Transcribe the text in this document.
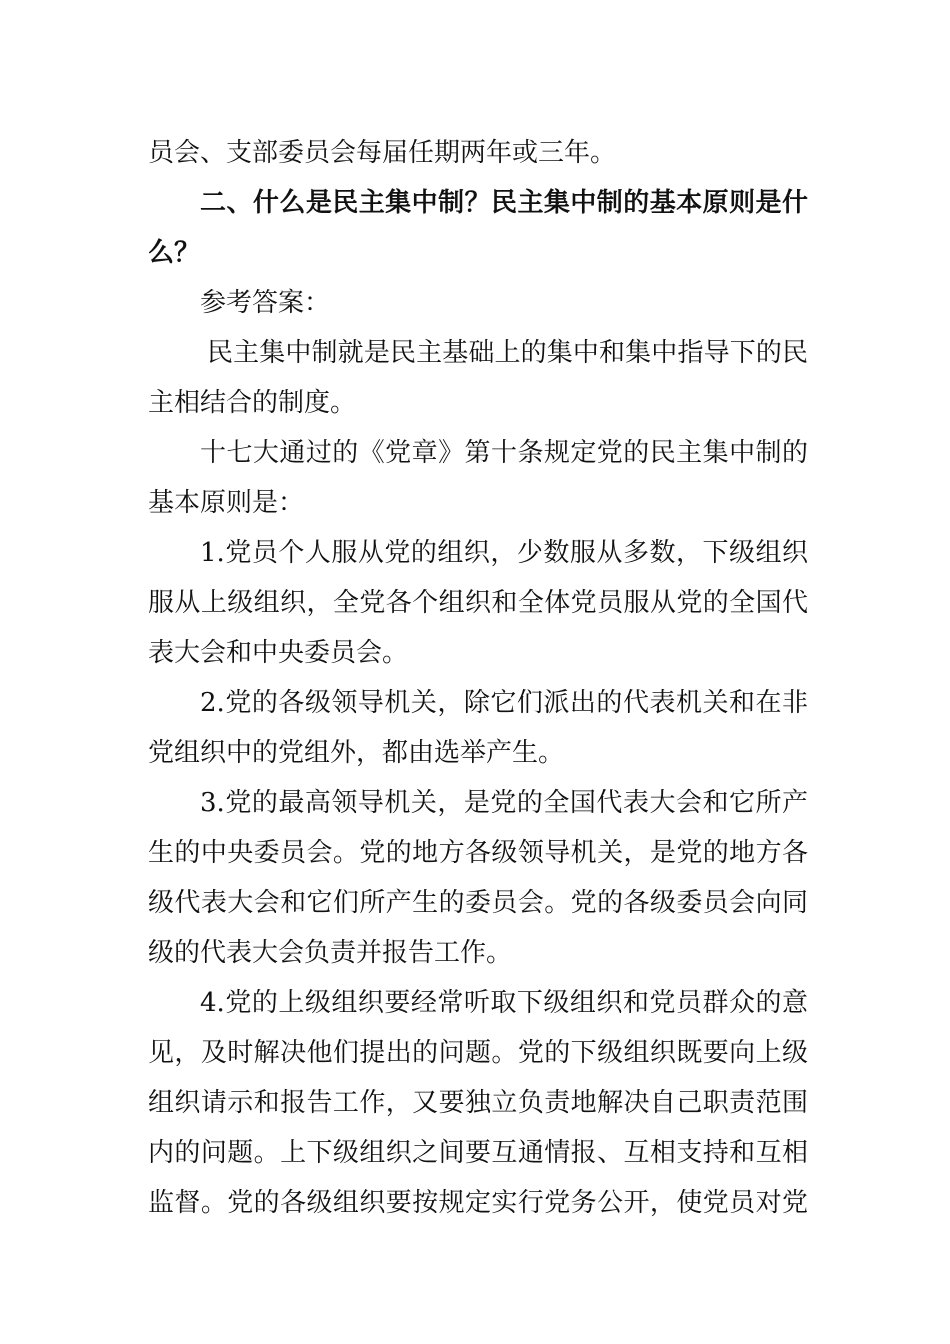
员会、支部委员会每届任期两年或三年。
二、什么是民主集中制？民主集中制的基本原则是什
么？
参考答案：
民主集中制就是民主基础上的集中和集中指导下的民
主相结合的制度。
十七大通过的《党章》第十条规定党的民主集中制的
基本原则是：
1.党员个人服从党的组织，少数服从多数，下级组织
服从上级组织，全党各个组织和全体党员服从党的全国代
表大会和中央委员会。
2.党的各级领导机关，除它们派出的代表机关和在非
党组织中的党组外，都由选举产生。
3.党的最高领导机关，是党的全国代表大会和它所产
生的中央委员会。党的地方各级领导机关，是党的地方各
级代表大会和它们所产生的委员会。党的各级委员会向同
级的代表大会负责并报告工作。
4.党的上级组织要经常听取下级组织和党员群众的意
见，及时解决他们提出的问题。党的下级组织既要向上级
组织请示和报告工作，又要独立负责地解决自己职责范围
内的问题。上下级组织之间要互通情报、互相支持和互相
监督。党的各级组织要按规定实行党务公开，使党员对党
